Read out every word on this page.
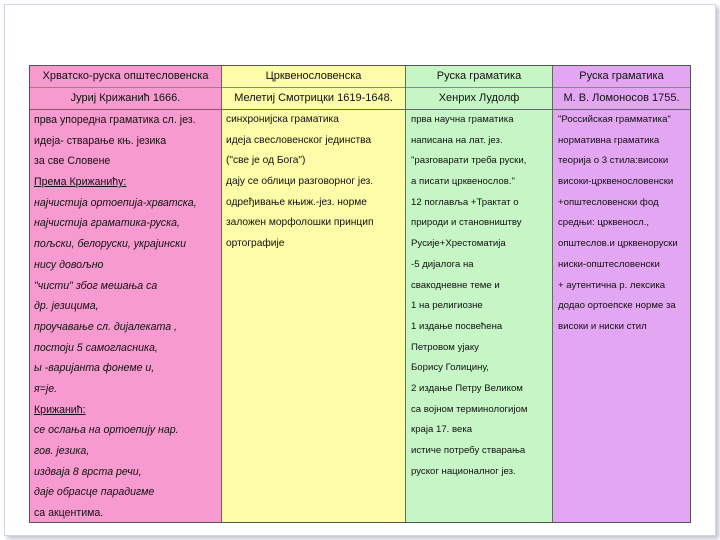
Хрватско-руска општесловенска
Јуриј Крижанић 1666.
прва упоредна граматика сл. јез.
идеја- стварање књ. језика
за све Словене
Према Крижанићу:
најчистија ортоепија-хрватска,
најчистија граматика-руска,
пољски, белоруски, украјински
нису довољно
"чисти" због мешања са
др. језицима,
проучавање сл. дијалеката ,
постоји 5 самогласника,
ы -варијанта фонеме и,
я=јe.
Крижанић:
се ослања на ортоепију нар.
гов. језика,
издваја 8 врста речи,
даје обрасце парадигме
са акцентима.
Црквенословенска
Мелетиј Смотрицки 1619-1648.
синхронијска граматика
идеја свесловенског јединства
("све је од Бога")
дају се облици разговорног јез.
одређивање књиж.-јез. норме
заложен морфолошки принцип
ортографије
Руска граматика
Хенрих Лудолф
прва научна граматика
написана на лат. јез.
"разговарати треба руски,
а писати црквенослов."
12 поглавља +Трактат о
природи и становништву
Русије+Хрестоматија
-5 дијалога на
свакодневне теме и
1 на религиозне
1 издање посвећена
Петровом ујаку
Борису Голицину,
2 издање Петру Великом
са војном терминологијом
крајa 17. века
истиче потребу стварања
руског националног јез.
Руска граматика
М. В. Ломоносов 1755.
"Российская грамматика"
нормативна граматика
теорија о 3 стила:високи
високи-црквенословенски
+општесловенски фод
средњи: црквеносл.,
општеслов.и црквеноруски
ниски-општесловенски
+ аутентична р. лексика
додао ортоепске норме за
високи и ниски стил
